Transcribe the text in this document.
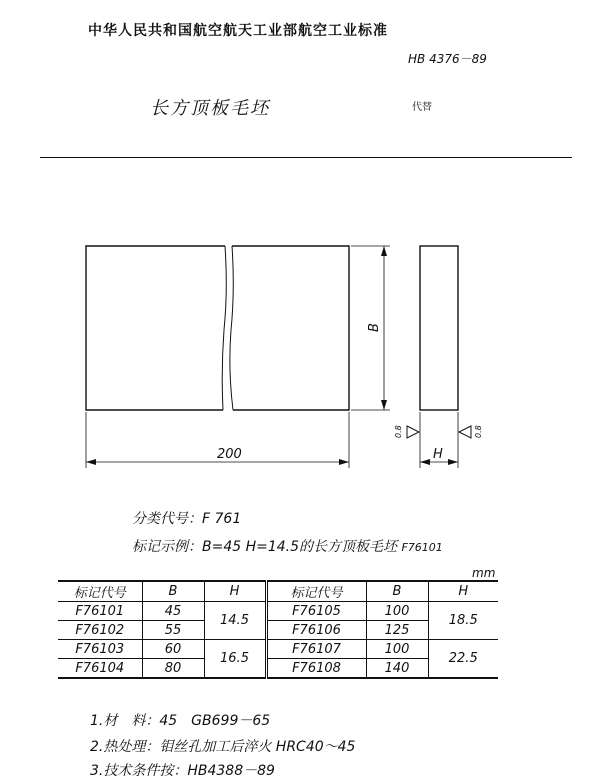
中华人民共和国航空航天工业部航空工业标准
HB 4376－89
长方顶板毛坯	代替
200
B
H
0.8	0.8
分类代号：F 761
标记示例：B=45 H=14.5的长方顶板毛坯 F76101
mm
标记代号	B	H	标记代号	B	H
F76101	45	14.5	F76105	100	18.5
F76102	55		F76106	125	
F76103	60	16.5	F76107	100	22.5
F76104	80		F76108	140	
1.材　料：45　GB699－65
2.热处理：钼丝孔加工后淬火 HRC40～45
3.技术条件按：HB4388－89
